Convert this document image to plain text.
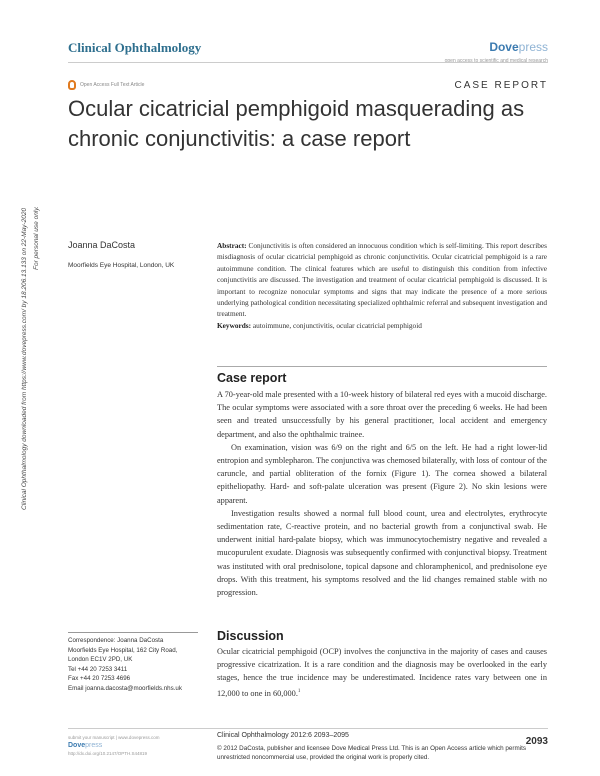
Clinical Ophthalmology	Dovepress
open access to scientific and medical research
Open Access Full Text Article	CASE REPORT
Ocular cicatricial pemphigoid masquerading as chronic conjunctivitis: a case report
Clinical Ophthalmology downloaded from https://www.dovepress.com/ by 18.206.13.133 on 22-May-2020 For personal use only.	Joanna DaCosta
Moorfields Eye Hospital, London, UK
Abstract: Conjunctivitis is often considered an innocuous condition which is self-limiting. This report describes misdiagnosis of ocular cicatricial pemphigoid as chronic conjunctivitis. Ocular cicatricial pemphigoid is a rare autoimmune condition. The clinical features which are useful to distinguish this condition from infective conjunctivitis are discussed. The investigation and treatment of ocular cicatricial pemphigoid is discussed. It is important to recognize nonocular symptoms and signs that may indicate the presence of a more serious underlying pathological condition necessitating specialized ophthalmic referral and subsequent investigation and treatment.
Keywords: autoimmune, conjunctivitis, ocular cicatricial pemphigoid
Case report

A 70-year-old male presented with a 10-week history of bilateral red eyes with a mucoid discharge. The ocular symptoms were associated with a sore throat over the preceding 6 weeks. He had been seen and treated unsuccessfully by his general practitioner, local accident and emergency department, and also the ophthalmic trainee.

On examination, vision was 6/9 on the right and 6/5 on the left. He had a right lower-lid entropion and symblepharon. The conjunctiva was chemosed bilaterally, with loss of contour of the caruncle, and partial obliteration of the fornix (Figure 1). The cornea showed a bilateral epitheliopathy. Hard- and soft-palate ulceration was present (Figure 2). No skin lesions were apparent.

Investigation results showed a normal full blood count, urea and electrolytes, erythrocyte sedimentation rate, C-reactive protein, and no bacterial growth from a conjunctival swab. He underwent initial hard-palate biopsy, which was immunocytochemistry negative and revealed a mucopurulent exudate. Diagnosis was subsequently confirmed with conjunctival biopsy. Treatment was instituted with oral prednisolone, topical dapsone and chloramphenicol, and prednisolone eye drops. With this treatment, his symptoms resolved and the lid changes remained stable with no progression.

Discussion

Ocular cicatricial pemphigoid (OCP) involves the conjunctiva in the majority of cases and causes progressive cicatrization. It is a rare condition and the diagnosis may be overlooked in the early stages, hence the true incidence may be underestimated. Incidence rates vary between one in 12,000 to one in 60,000.$^1$

Correspondence: Joanna DaCosta
Moorfields Eye Hospital, 162 City Road,
London EC1V 2PD, UK
Tel +44 20 7253 3411
Fax +44 20 7253 4696
Email joanna.dacosta@moorfields.nhs.uk
submit your manuscript | www.dovepress.com
Dovepress
http://dx.doi.org/10.2147/OPTH.S44819
Clinical Ophthalmology 2012:6 2093–2095
© 2012 DaCosta, publisher and licensee Dove Medical Press Ltd. This is an Open Access article which permits unrestricted noncommercial use, provided the original work is properly cited.
2093
